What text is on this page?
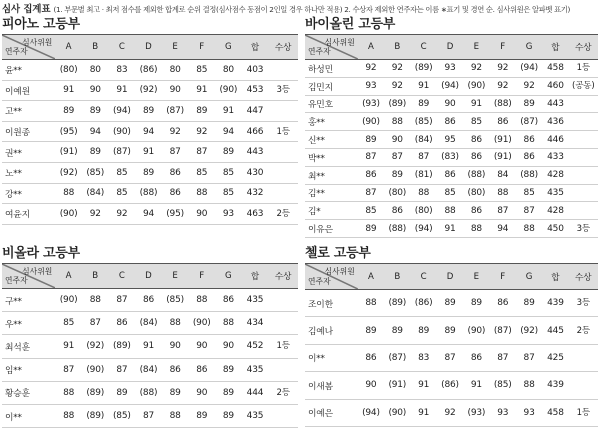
심사 집계표 (1. 부문별 최고 · 최저 점수를 제외한 합계로 순위 결정(심사점수 동점이 2인일 경우 하나만 적용) 2. 수상자 제외한 연주자는 이름 ∗표기 및 경연 순. 심사위원은 알파벳 표기)
피아노 고등부
심사위원
연주자	A	B	C	D	E	F	G	합	수상
윤**	(80)	80	83	(86)	80	85	80	403	
이예원	91	90	91	(92)	90	91	(90)	453	3등
고**	89	89	(94)	89	(87)	89	91	447	
이원종	(95)	94	(90)	94	92	92	94	466	1등
권**	(91)	89	(87)	91	87	87	89	443	
노**	(92)	(85)	85	89	86	85	85	430	
강**	88	(84)	85	(88)	86	88	85	432	
여윤지	(90)	92	92	94	(95)	90	93	463	2등
바이올린 고등부
심사위원
연주자	A	B	C	D	E	F	G	합	수상
하성민	92	92	(89)	93	92	92	(94)	458	1등
김민지	93	92	91	(94)	(90)	92	92	460	(공동)
유민호	(93)	(89)	89	90	91	(88)	89	443	
홍**	(90)	88	(85)	86	85	86	(87)	436	
신**	89	90	(84)	95	86	(91)	86	446	
박**	87	87	87	(83)	86	(91)	86	433	
최**	86	89	(81)	86	(88)	84	(88)	428	
김**	87	(80)	88	85	(80)	88	85	435	
김*	85	86	(80)	88	86	87	87	428	
이유은	89	(88)	(94)	91	88	94	88	450	3등
비올라 고등부
심사위원
연주자	A	B	C	D	E	F	G	합	수상
구**	(90)	88	87	86	(85)	88	86	435	
우**	85	87	86	(84)	88	(90)	88	434	
최석훈	91	(92)	(89)	91	90	90	90	452	1등
임**	87	(90)	87	(84)	86	86	89	435	
황승훈	88	(89)	89	(88)	89	90	89	444	2등
이**	88	(89)	(85)	87	88	89	89	435	
첼로 고등부
심사위원
연주자	A	B	C	D	E	F	G	합	수상
조이한	88	(89)	(86)	89	89	86	89	439	3등
김예나	89	89	89	89	(90)	(87)	(92)	445	2등
이**	86	(87)	83	87	86	87	87	425	
이새봄	90	(91)	91	(86)	91	(85)	88	439	
이예은	(94)	(90)	91	92	(93)	93	93	458	1등
